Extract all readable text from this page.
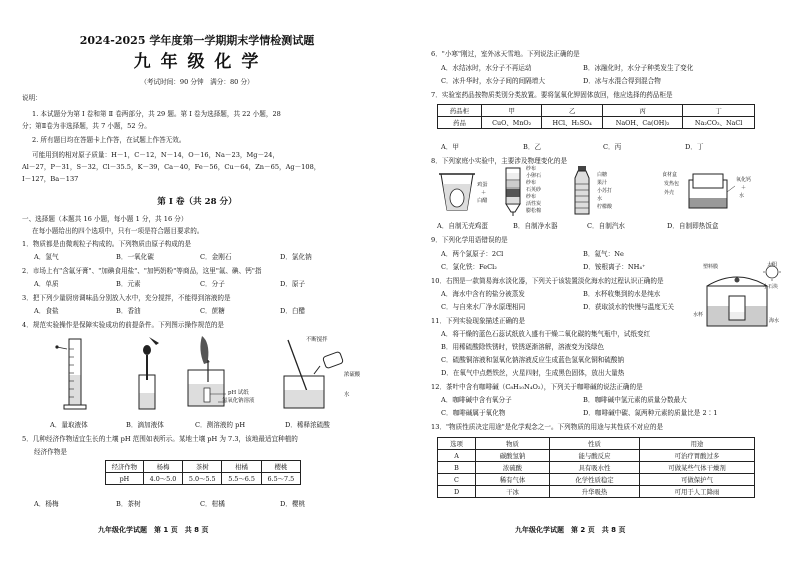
2024-2025 学年度第一学期期末学情检测试题
九 年 级 化 学
（考试时间：90 分钟　满分：80 分）
说明：
1. 本试题分为第 Ⅰ 卷和第 Ⅱ 卷两部分，共 29 题。第 Ⅰ 卷为选择题，共 22 小题，28
分；第Ⅱ卷为非选择题，共 7 小题，52 分。
2. 所有题目均在答题卡上作答，在试题上作答无效。
可能用到的相对原子质量：H－1，C－12，N－14，O－16，Na－23，Mg－24，
Al－27，P－31，S－32，Cl－35.5，K－39，Ca－40，Fe－56，Cu－64，Zn－65，Ag－108，
I－127，Ba－137
第 Ⅰ 卷（共 28 分）
一、选择题（本题共 16 小题，每小题 1 分，共 16 分）
在每小题给出的四个选项中，只有一项是符合题目要求的。
1．物质都是由微观粒子构成的。下列物质由原子构成的是
A．氢气	B．一氧化碳	C．金刚石	D．氯化钠
2．市场上有"含氟牙膏"、"加碘食用盐"、"加钙奶粉"等商品，这里"氟、碘、钙"指
A．单质	B．元素	C．分子	D．原子
3．把下列少量厨房调味品分别放入水中，充分搅拌，不能得到溶液的是
A．食盐	B．香油	C．蔗糖	D．白醋
4．规范实验操作是保障实验成功的前提条件。下列图示操作规范的是
pH 试纸
氢氧化钠溶液
不断搅拌
浓硫酸
水
A．量取液体	B．滴加液体	C．测溶液的 pH	D．稀释浓硫酸
5．几种经济作物适宜生长的土壤 pH 范围如表所示。某地土壤 pH 为 7.3，该地最适宜种植的
经济作物是
经济作物	杨梅	茶树	柑橘	樱桃
pH	4.0～5.0	5.0～5.5	5.5～6.5	6.5～7.5
A．杨梅	B．茶树	C．柑橘	D．樱桃
九年级化学试题　第 1 页　共 8 页
6．"小寒"刚过，室外冰天雪地。下列说法正确的是
A．水结冰时，水分子不再运动	B．冰融化时，水分子种类发生了变化
C．冰升华时，水分子间的间隔增大	D．冰与水混合得到混合物
7．实验室药品按物质类别分类放置。要将氢氧化钾固体放回，他应选择的药品柜是
药品柜	甲	乙	丙	丁
药品	CuO、MnO₂	HCl、H₂SO₄	NaOH、Ca(OH)₂	Na₂CO₃、NaCl
A．甲	B．乙	C．丙	D．丁
8．下列家庭小实验中，主要涉及物理变化的是
鸡蛋
＋
白醋
纱布
小卵石
纱布
石英砂
纱布
活性炭
膨松棉
白糖
果汁
小苏打
水
柠檬酸
食材盒
发热包
外壳
氧化钙
＋
水
A．自制无壳鸡蛋	B．自制净水器	C．自制汽水	D．自制即热饭盒
9．下列化学用语错误的是
A．两个氯原子：2Cl	B．氦气：Ne
C．氯化铁：FeCl₂	D．铵根离子：NH₄⁺
10．右图是一款简易海水淡化器，下列关于该装置淡化海水的过程认识正确的是
A．海水中含有的盐分被蒸发	B．水杯收集到的水是纯水
C．与自来水厂净水原理相同	D．获取淡水的快慢与温度无关
塑料膜	太阳
小石块
海水
水杯
11．下列实验现象描述正确的是
A．将干燥的蓝色石蕊试纸放入盛有干燥二氧化碳的集气瓶中，试纸变红
B．用稀硫酸除铁锈时，铁锈逐渐溶解，溶液变为浅绿色
C．硫酸铜溶液和氢氧化钠溶液反应生成蓝色氢氧化铜和硫酸钠
D．在氧气中点燃铁丝，火星四射，生成黑色固体，放出大量热
12．茶叶中含有咖啡碱（C₈H₁₀N₄O₂），下列关于咖啡碱的说法正确的是
A．咖啡碱中含有氧分子	B．咖啡碱中氢元素的质量分数最大
C．咖啡碱属于氧化物	D．咖啡碱中碳、氮两种元素的质量比是 2∶1
13．"物质性质决定用途"是化学观念之一。下列物质的用途与其性质不对应的是
选项	物质	性质	用途
A	碳酸氢钠	能与酸反应	可治疗胃酸过多
B	浓硫酸	具有吸水性	可做某些气体干燥剂
C	稀有气体	化学性质稳定	可做保护气
D	干冰	升华吸热	可用于人工降雨
九年级化学试题　第 2 页　共 8 页
